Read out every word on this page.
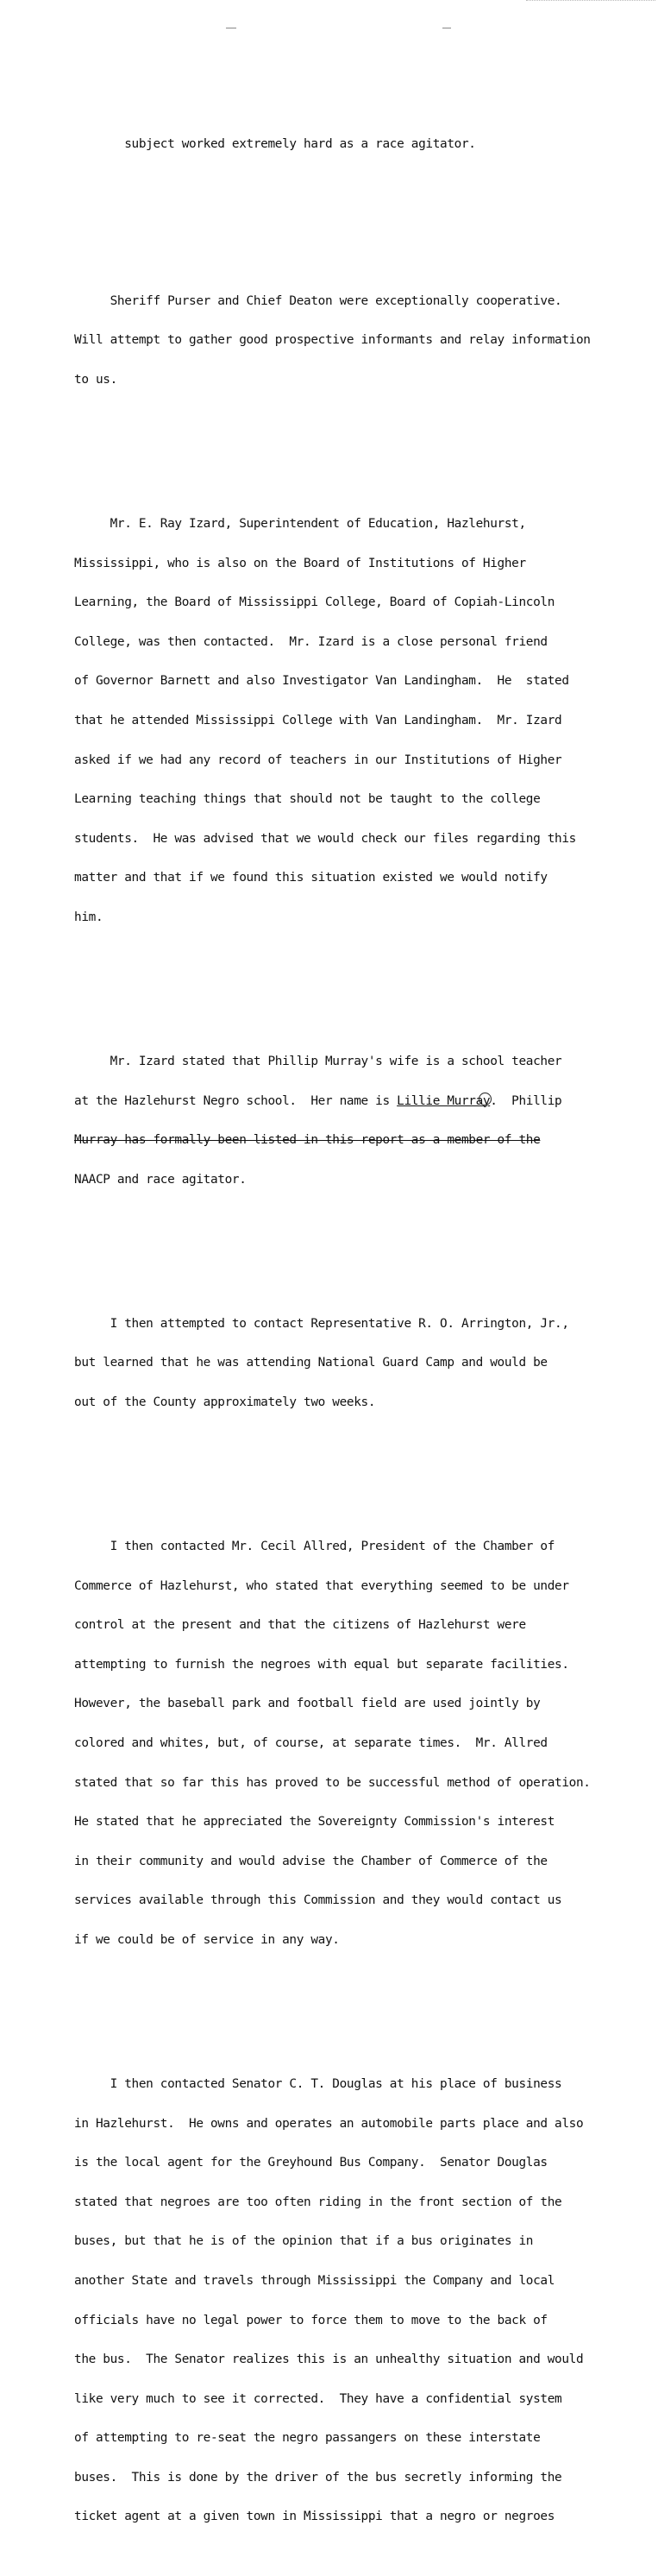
subject worked extremely hard as a race agitator.

Sheriff Purser and Chief Deaton were exceptionally cooperative.

Will attempt to gather good prospective informants and relay information

to us.

Mr. E. Ray Izard, Superintendent of Education, Hazlehurst,

Mississippi, who is also on the Board of Institutions of Higher

Learning, the Board of Mississippi College, Board of Copiah-Lincoln

College, was then contacted.  Mr. Izard is a close personal friend

of Governor Barnett and also Investigator Van Landingham.  He  stated

that he attended Mississippi College with Van Landingham.  Mr. Izard

asked if we had any record of teachers in our Institutions of Higher

Learning teaching things that should not be taught to the college

students.  He was advised that we would check our files regarding this

matter and that if we found this situation existed we would notify

him.

Mr. Izard stated that Phillip Murray's wife is a school teacher

at the Hazlehurst Negro school.  Her name is Lillie Murray
.  Phillip

Murray has formally been listed in this report as a member of the

NAACP and race agitator.

I then attempted to contact Representative R. O. Arrington, Jr.,

but learned that he was attending National Guard Camp and would be

out of the County approximately two weeks.

I then contacted Mr. Cecil Allred, President of the Chamber of

Commerce of Hazlehurst, who stated that everything seemed to be under

control at the present and that the citizens of Hazlehurst were

attempting to furnish the negroes with equal but separate facilities.

However, the baseball park and football field are used jointly by

colored and whites, but, of course, at separate times.  Mr. Allred

stated that so far this has proved to be successful method of operation.

He stated that he appreciated the Sovereignty Commission's interest

in their community and would advise the Chamber of Commerce of the

services available through this Commission and they would contact us

if we could be of service in any way.

I then contacted Senator C. T. Douglas at his place of business

in Hazlehurst.  He owns and operates an automobile parts place and also

is the local agent for the Greyhound Bus Company.  Senator Douglas

stated that negroes are too often riding in the front section of the

buses, but that he is of the opinion that if a bus originates in

another State and travels through Mississippi the Company and local

officials have no legal power to force them to move to the back of

the bus.  The Senator realizes this is an unhealthy situation and would

like very much to see it corrected.  They have a confidential system

of attempting to re-seat the negro passangers on these interstate

buses.  This is done by the driver of the bus secretly informing the

ticket agent at a given town in Mississippi that a negro or negroes
